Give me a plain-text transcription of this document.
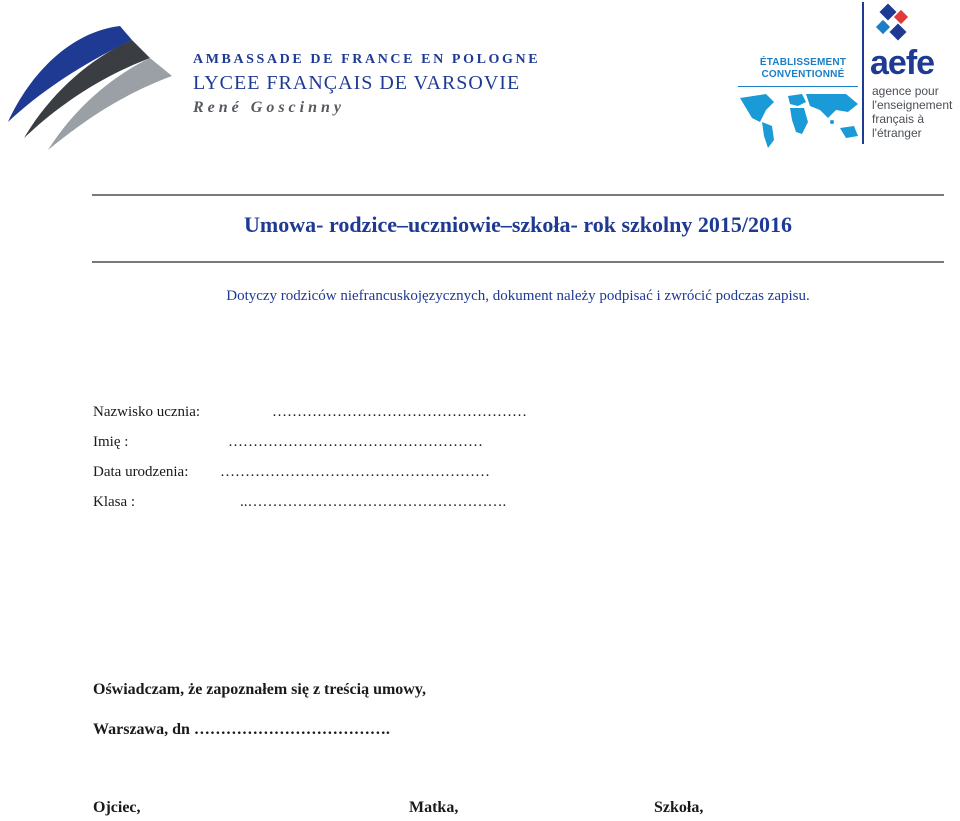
AMBASSADE DE FRANCE EN POLOGNE
LYCEE FRANÇAIS DE VARSOVIE
René Goscinny
ÉTABLISSEMENT CONVENTIONNÉ aefe
agence pour l'enseignement français à l'étranger
Umowa- rodzice–uczniowie–szkoła- rok szkolny 2015/2016
Dotyczy rodziców niefrancuskojęzycznych, dokument należy podpisać i zwrócić podczas zapisu.
Nazwisko ucznia:	……………………………………………
Imię :	……………………………………………
Data urodzenia: ………………………………………………
Klasa :	..…………………………………………….
Oświadczam, że zapoznałem się z treścią umowy,
Warszawa, dn ……………………………….
Ojciec,	Matka,	Szkoła,
